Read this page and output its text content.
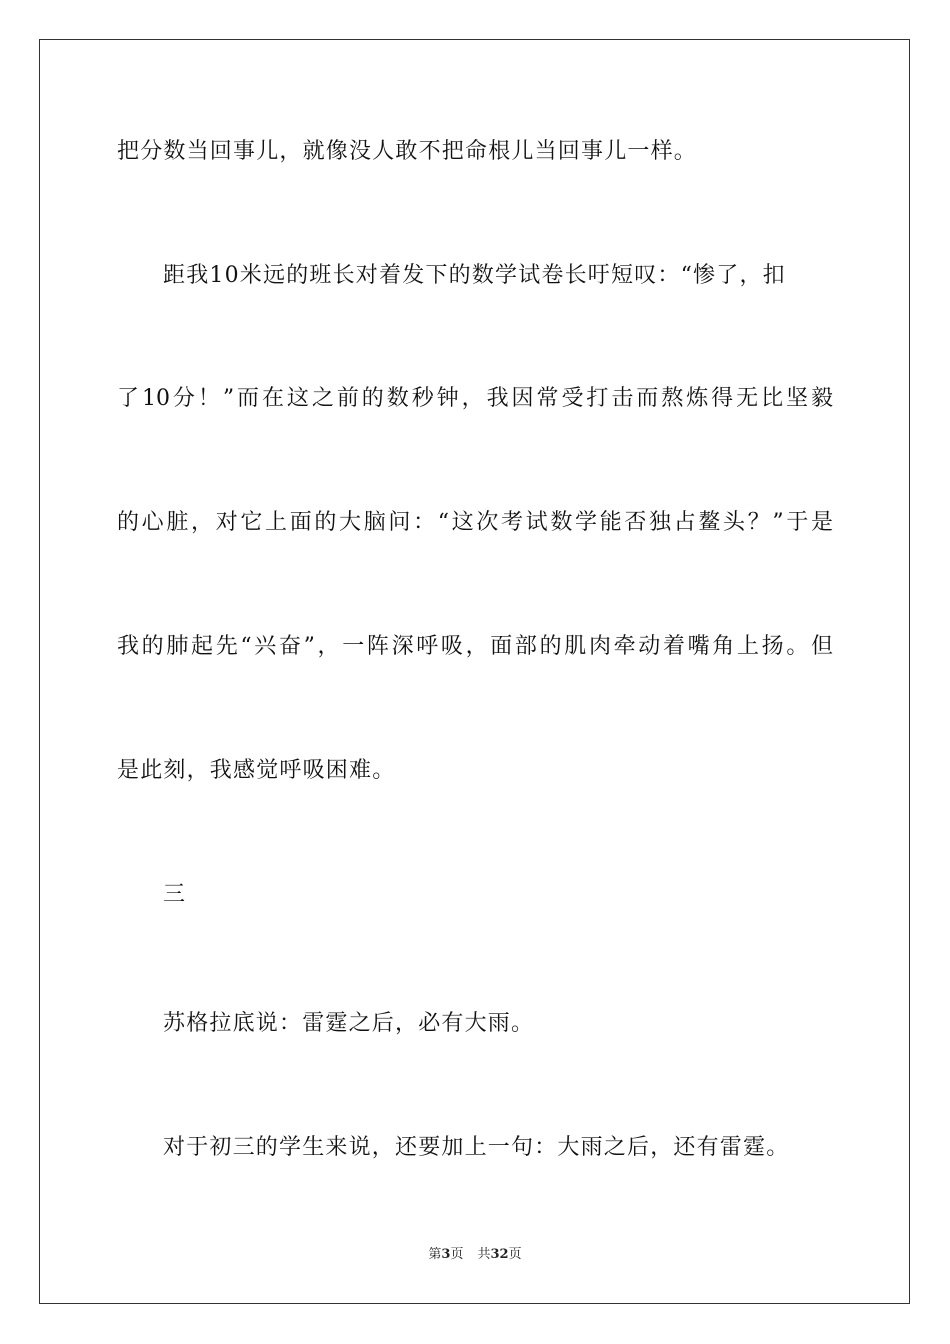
把分数当回事儿，就像没人敢不把命根儿当回事儿一样。
距我10米远的班长对着发下的数学试卷长吁短叹：“惨了，扣
了10分！”而在这之前的数秒钟，我因常受打击而熬炼得无比坚毅
的心脏，对它上面的大脑问：“这次考试数学能否独占鳌头？”于是
我的肺起先“兴奋”，一阵深呼吸，面部的肌肉牵动着嘴角上扬。但
是此刻，我感觉呼吸困难。
三
苏格拉底说：雷霆之后，必有大雨。
对于初三的学生来说，还要加上一句：大雨之后，还有雷霆。
第3页 共32页
